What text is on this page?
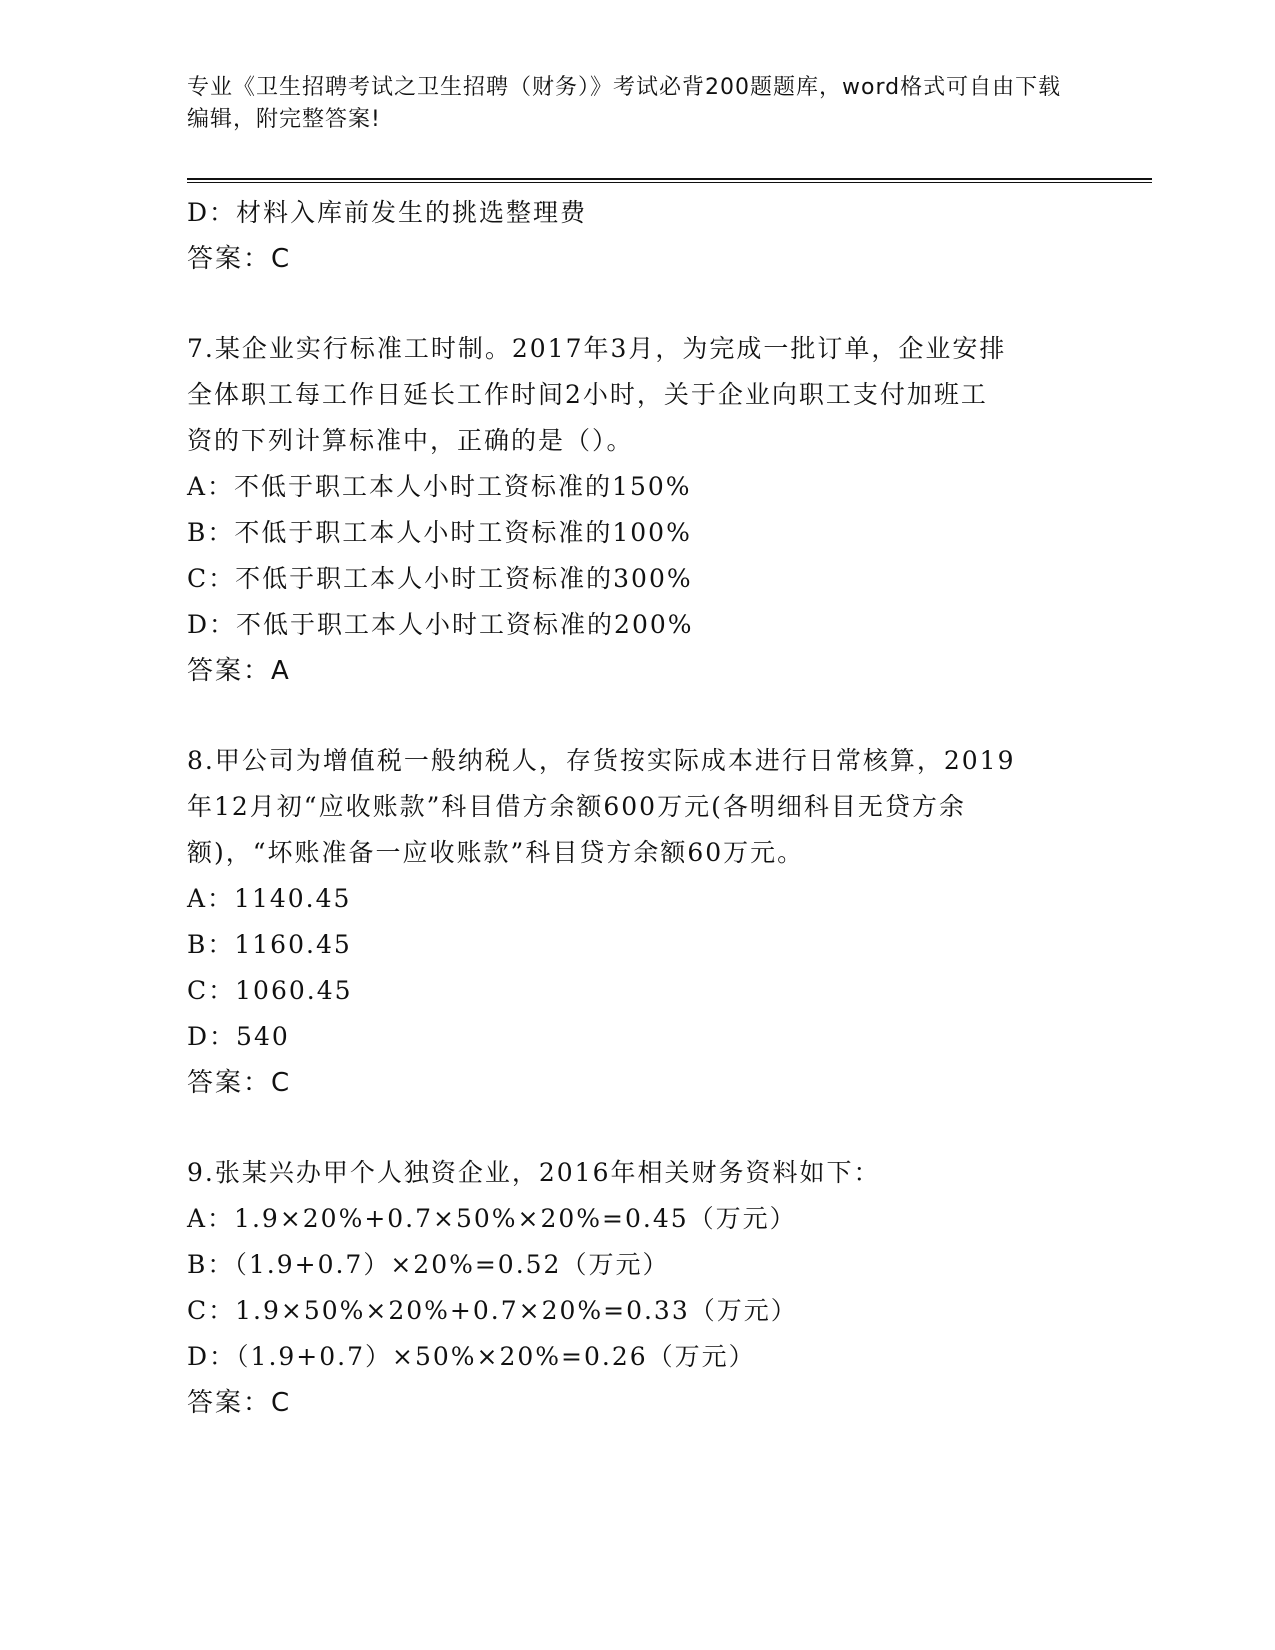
专业《卫生招聘考试之卫生招聘（财务）》考试必背200题题库，word格式可自由下载编辑，附完整答案!
D：材料入库前发生的挑选整理费
答案：C
7.某企业实行标准工时制。2017年3月，为完成一批订单，企业安排
全体职工每工作日延长工作时间2小时，关于企业向职工支付加班工
资的下列计算标准中，正确的是（）。
A：不低于职工本人小时工资标准的150%
B：不低于职工本人小时工资标准的100%
C：不低于职工本人小时工资标准的300%
D：不低于职工本人小时工资标准的200%
答案：A
8.甲公司为增值税一般纳税人，存货按实际成本进行日常核算，2019
年12月初“应收账款”科目借方余额600万元(各明细科目无贷方余
额)，“坏账准备一应收账款”科目贷方余额60万元。
A：1140.45
B：1160.45
C：1060.45
D：540
答案：C
9.张某兴办甲个人独资企业，2016年相关财务资料如下：
A：1.9×20%+0.7×50%×20%=0.45（万元）
B：（1.9+0.7）×20%=0.52（万元）
C：1.9×50%×20%+0.7×20%=0.33（万元）
D：（1.9+0.7）×50%×20%=0.26（万元）
答案：C
